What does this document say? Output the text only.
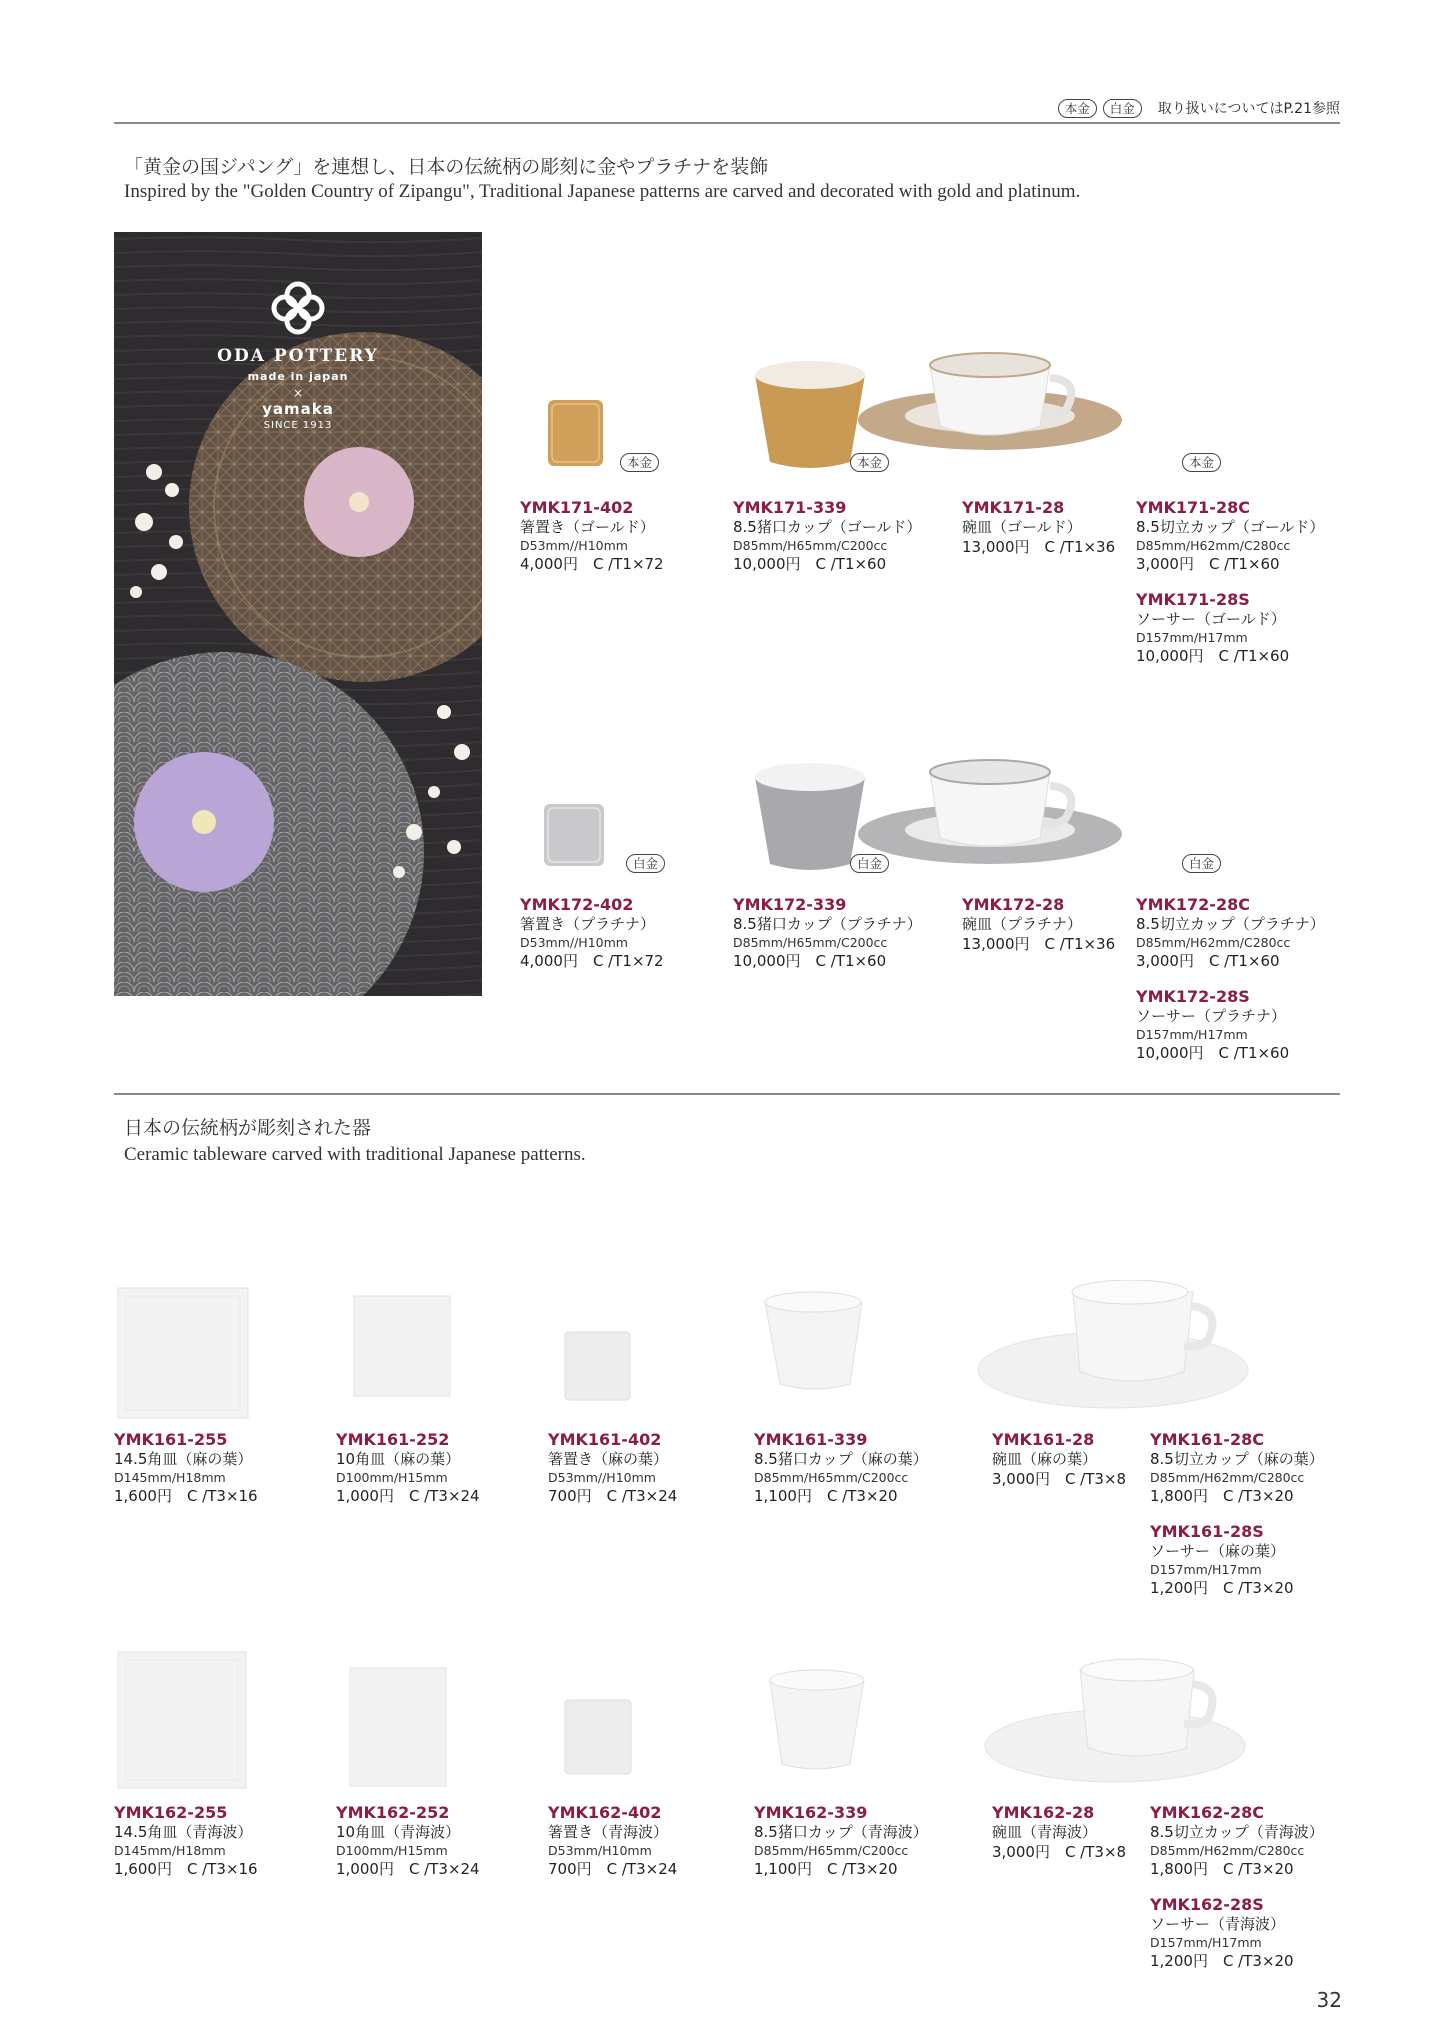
本金	白金	取り扱いについてはP.21参照
「黄金の国ジパング」を連想し、日本の伝統柄の彫刻に金やプラチナを装飾
Inspired by the "Golden Country of Zipangu", Traditional Japanese patterns are carved and decorated with gold and platinum.
ODA POTTERY
made in japan
×
yamaka
SINCE 1913
本金	本金	本金
YMK171-402
箸置き（ゴールド）
D53mm//H10mm
4,000円　C /T1×72
YMK171-339
8.5猪口カップ（ゴールド）
D85mm/H65mm/C200cc
10,000円　C /T1×60
YMK171-28
碗皿（ゴールド）
13,000円　C /T1×36
YMK171-28C
8.5切立カップ（ゴールド）
D85mm/H62mm/C280cc
3,000円　C /T1×60
YMK171-28S
ソーサー（ゴールド）
D157mm/H17mm
10,000円　C /T1×60
白金	白金	白金
YMK172-402
箸置き（プラチナ）
D53mm//H10mm
4,000円　C /T1×72
YMK172-339
8.5猪口カップ（プラチナ）
D85mm/H65mm/C200cc
10,000円　C /T1×60
YMK172-28
碗皿（プラチナ）
13,000円　C /T1×36
YMK172-28C
8.5切立カップ（プラチナ）
D85mm/H62mm/C280cc
3,000円　C /T1×60
YMK172-28S
ソーサー（プラチナ）
D157mm/H17mm
10,000円　C /T1×60
日本の伝統柄が彫刻された器
Ceramic tableware carved with traditional Japanese patterns.
YMK161-255
14.5角皿（麻の葉）
D145mm/H18mm
1,600円　C /T3×16
YMK161-252
10角皿（麻の葉）
D100mm/H15mm
1,000円　C /T3×24
YMK161-402
箸置き（麻の葉）
D53mm//H10mm
700円　C /T3×24
YMK161-339
8.5猪口カップ（麻の葉）
D85mm/H65mm/C200cc
1,100円　C /T3×20
YMK161-28
碗皿（麻の葉）
3,000円　C /T3×8
YMK161-28C
8.5切立カップ（麻の葉）
D85mm/H62mm/C280cc
1,800円　C /T3×20
YMK161-28S
ソーサー（麻の葉）
D157mm/H17mm
1,200円　C /T3×20
YMK162-255
14.5角皿（青海波）
D145mm/H18mm
1,600円　C /T3×16
YMK162-252
10角皿（青海波）
D100mm/H15mm
1,000円　C /T3×24
YMK162-402
箸置き（青海波）
D53mm/H10mm
700円　C /T3×24
YMK162-339
8.5猪口カップ（青海波）
D85mm/H65mm/C200cc
1,100円　C /T3×20
YMK162-28
碗皿（青海波）
3,000円　C /T3×8
YMK162-28C
8.5切立カップ（青海波）
D85mm/H62mm/C280cc
1,800円　C /T3×20
YMK162-28S
ソーサー（青海波）
D157mm/H17mm
1,200円　C /T3×20
32
